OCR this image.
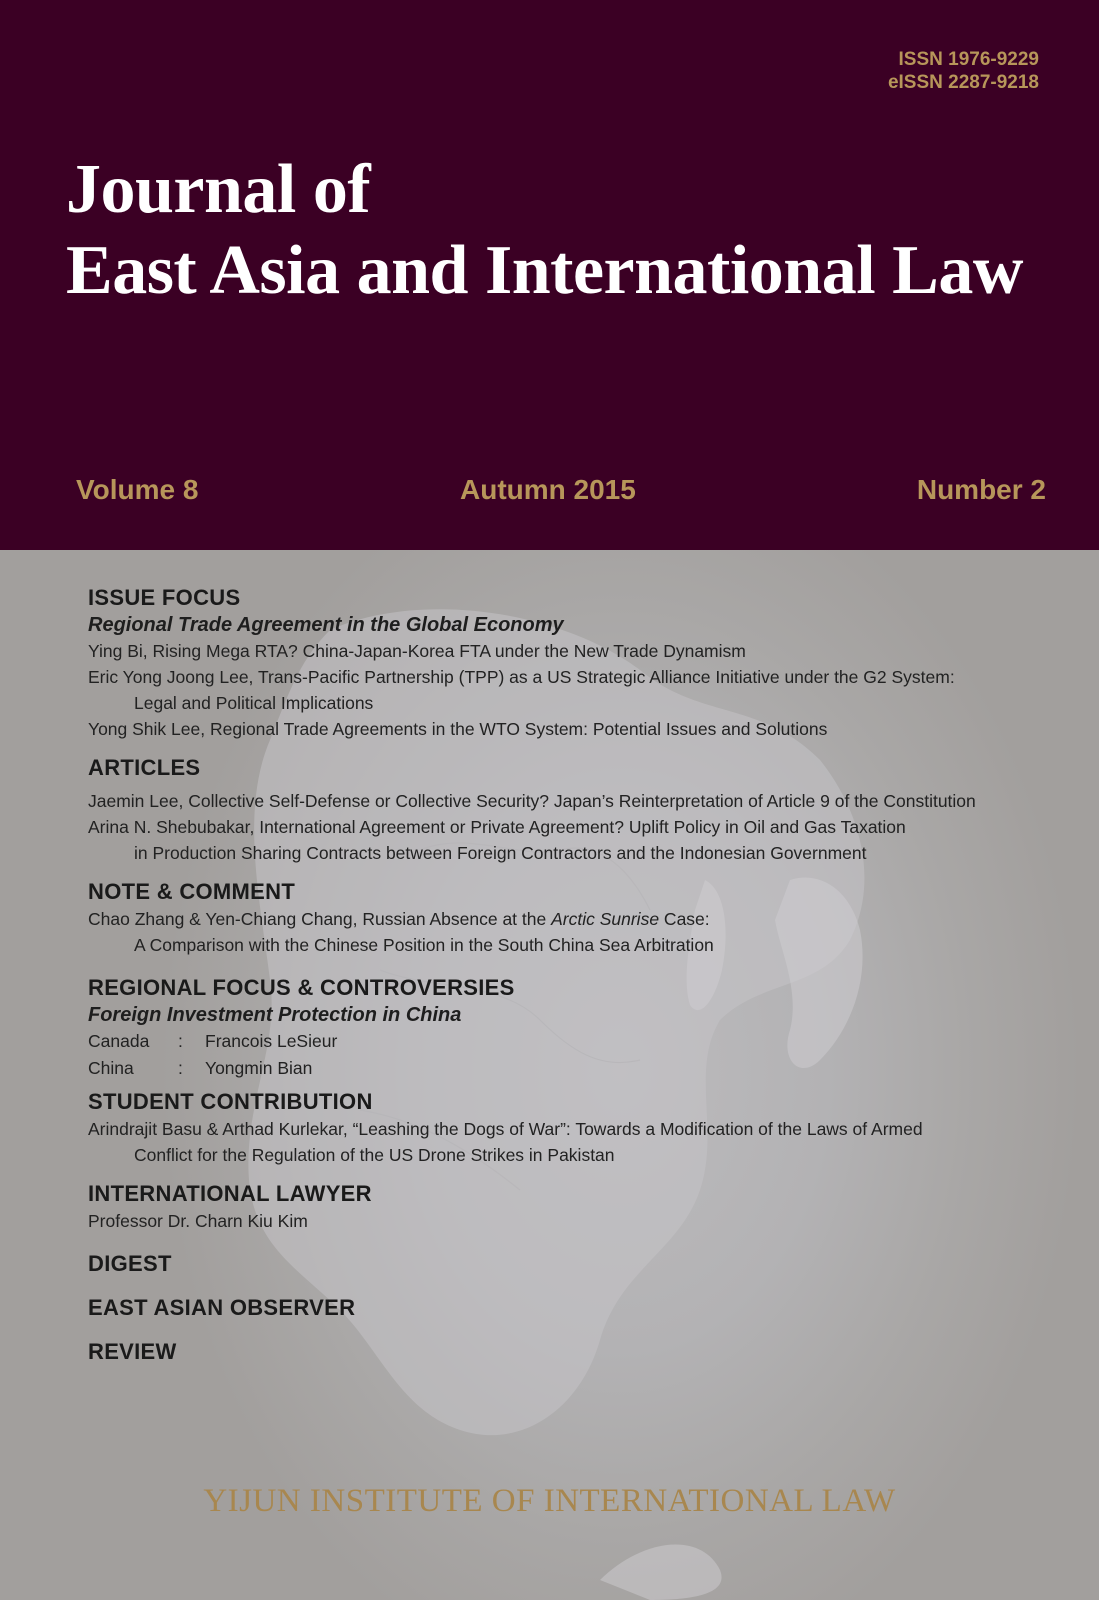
ISSN 1976-9229
eISSN 2287-9218
Journal of
East Asia and International Law
Volume 8	Autumn 2015	Number 2
ISSUE FOCUS
Regional Trade Agreement in the Global Economy
Ying Bi, Rising Mega RTA? China-Japan-Korea FTA under the New Trade Dynamism
Eric Yong Joong Lee, Trans-Pacific Partnership (TPP) as a US Strategic Alliance Initiative under the G2 System:
Legal and Political Implications
Yong Shik Lee, Regional Trade Agreements in the WTO System: Potential Issues and Solutions
ARTICLES
Jaemin Lee, Collective Self-Defense or Collective Security? Japan’s Reinterpretation of Article 9 of the Constitution
Arina N. Shebubakar, International Agreement or Private Agreement? Uplift Policy in Oil and Gas Taxation
in Production Sharing Contracts between Foreign Contractors and the Indonesian Government
NOTE & COMMENT
Chao Zhang & Yen-Chiang Chang, Russian Absence at the Arctic Sunrise Case:
A Comparison with the Chinese Position in the South China Sea Arbitration
REGIONAL FOCUS & CONTROVERSIES
Foreign Investment Protection in China
Canada : Francois LeSieur
China	: Yongmin Bian
STUDENT CONTRIBUTION
Arindrajit Basu & Arthad Kurlekar, “Leashing the Dogs of War”: Towards a Modification of the Laws of Armed
Conflict for the Regulation of the US Drone Strikes in Pakistan
INTERNATIONAL LAWYER
Professor Dr. Charn Kiu Kim
DIGEST
EAST ASIAN OBSERVER
REVIEW
YIJUN INSTITUTE OF INTERNATIONAL LAW
